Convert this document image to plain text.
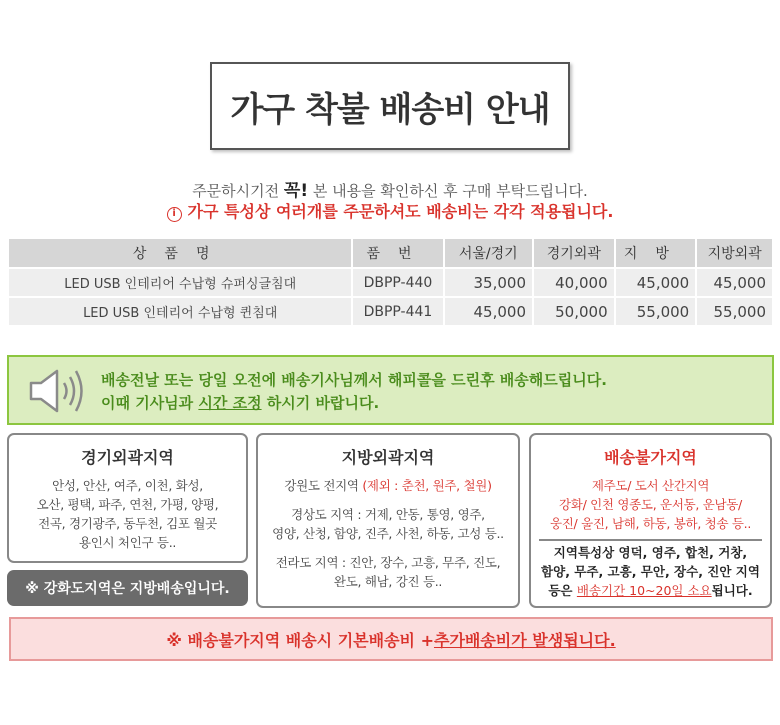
가구 착불 배송비 안내
주문하시기전 꼭! 본 내용을 확인하신 후 구매 부탁드립니다.
i 가구 특성상 여러개를 주문하셔도 배송비는 각각 적용됩니다.
상품명	품번	서울/경기	경기외곽	지방	지방외곽
LED USB 인테리어 수납형 슈퍼싱글침대	DBPP-440	35,000	40,000	45,000	45,000
LED USB 인테리어 수납형 퀸침대	DBPP-441	45,000	50,000	55,000	55,000
배송전날 또는 당일 오전에 배송기사님께서 해피콜을 드린후 배송해드립니다.
이때 기사님과 시간 조정 하시기 바랍니다.
경기외곽지역

안성, 안산, 여주, 이천, 화성,

오산, 평택, 파주, 연천, 가평, 양평,

전곡, 경기광주, 동두천, 김포 월곳

용인시 처인구 등..

※ 강화도지역은 지방배송입니다.
지방외곽지역

강원도 전지역 (제외 : 춘천, 원주, 철원)

경상도 지역 : 거제, 안동, 통영, 영주,

영양, 산청, 함양, 진주, 사천, 하동, 고성 등..

전라도 지역 : 진안, 장수, 고흥, 무주, 진도,

완도, 해남, 강진 등..

배송불가지역

제주도/ 도서 산간지역

강화/ 인천 영종도, 운서동, 운남동/

웅진/ 울진, 남해, 하동, 봉하, 청송 등..

지역특성상 영덕, 영주, 합천, 거창,
함양, 무주, 고흥, 무안, 장수, 진안 지역
등은 배송기간 10~20일 소요됩니다.
※ 배송불가지역 배송시 기본배송비 + 추가배송비가 발생됩니다.
